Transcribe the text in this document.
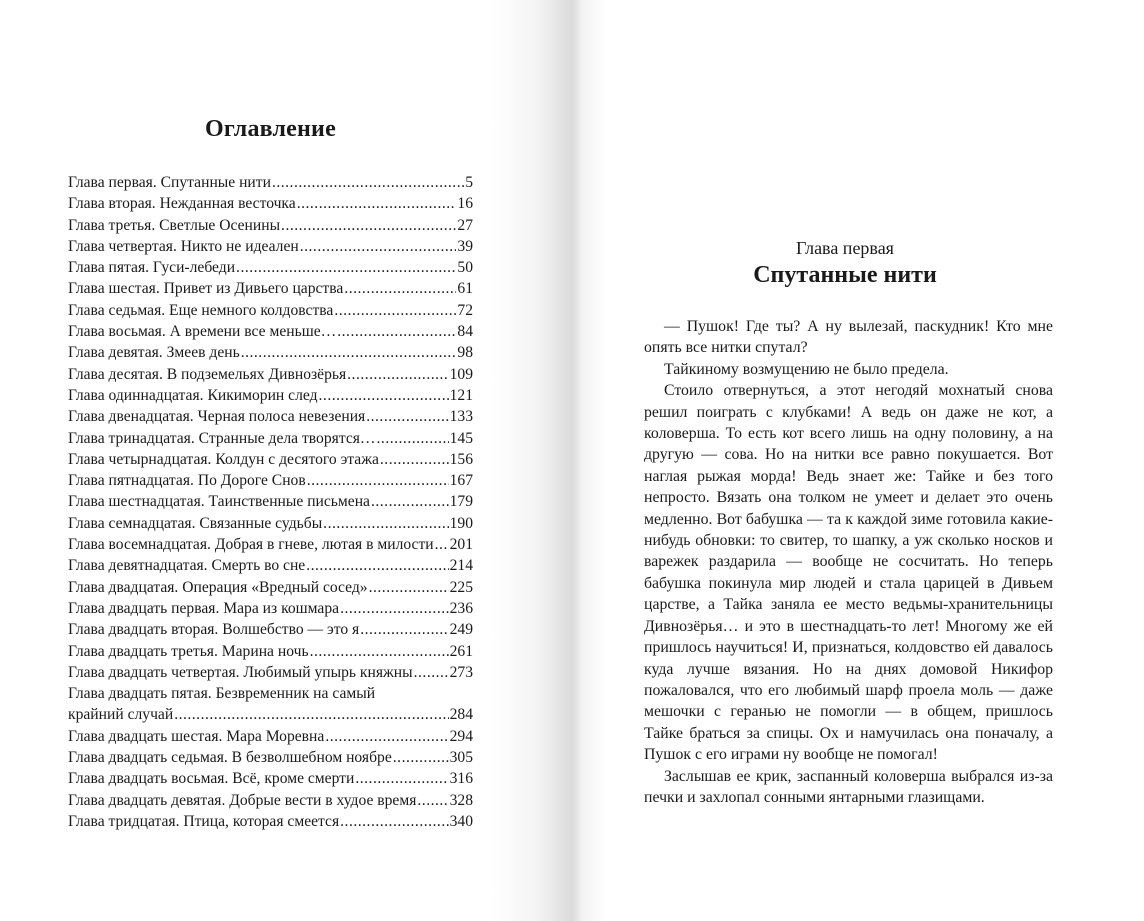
Оглавление
Глава первая. Спутанные нити .....	5
Глава вторая. Нежданная весточка .....	16
Глава третья. Светлые Осенины .....	27
Глава четвертая. Никто не идеален .....	39
Глава пятая. Гуси-лебеди .....	50
Глава шестая. Привет из Дивьего царства .....	61
Глава седьмая. Еще немного колдовства .....	72
Глава восьмая. А времени все меньше… .....	84
Глава девятая. Змеев день .....	98
Глава десятая. В подземельях Дивнозёрья .....	109
Глава одиннадцатая. Кикиморин след .....	121
Глава двенадцатая. Черная полоса невезения .....	133
Глава тринадцатая. Странные дела творятся… .....	145
Глава четырнадцатая. Колдун с десятого этажа .....	156
Глава пятнадцатая. По Дороге Снов .....	167
Глава шестнадцатая. Таинственные письмена .....	179
Глава семнадцатая. Связанные судьбы .....	190
Глава восемнадцатая. Добрая в гневе, лютая в милости ..... 201
Глава девятнадцатая. Смерть во сне .....	214
Глава двадцатая. Операция «Вредный сосед» .....	225
Глава двадцать первая. Мара из кошмара .....	236
Глава двадцать вторая. Волшебство — это я .....	249
Глава двадцать третья. Марина ночь .....	261
Глава двадцать четвертая. Любимый упырь княжны ..... 273
Глава двадцать пятая. Безвременник на самый
крайний случай .....	284
Глава двадцать шестая. Мара Моревна .....	294
Глава двадцать седьмая. В безволшебном ноябре .....	305
Глава двадцать восьмая. Всё, кроме смерти .....	316
Глава двадцать девятая. Добрые вести в худое время ..... 328
Глава тридцатая. Птица, которая смеется .....	340
Глава первая
Спутанные нити

— Пушок! Где ты? А ну вылезай, паскудник! Кто мне опять все нитки спутал?

Тайкиному возмущению не было предела.

Стоило отвернуться, а этот негодяй мохнатый снова решил поиграть с клубками! А ведь он даже не кот, а коловерша. То есть кот всего лишь на одну половину, а на другую — сова. Но на нитки все равно покушается. Вот наглая рыжая морда! Ведь знает же: Тайке и без того непросто. Вязать она толком не умеет и делает это очень медленно. Вот бабушка — та к каждой зиме готовила какие-нибудь обновки: то свитер, то шапку, а уж сколько носков и варежек раздарила — вообще не сосчитать. Но теперь бабушка покинула мир людей и стала царицей в Дивьем царстве, а Тайка заняла ее место ведьмы-хранительницы Дивнозёрья… и это в шестнадцать-то лет! Многому же ей пришлось научиться! И, признаться, колдовство ей давалось куда лучше вязания. Но на днях домовой Никифор пожаловался, что его любимый шарф проела моль — даже мешочки с геранью не помогли — в общем, пришлось Тайке браться за спицы. Ох и намучилась она поначалу, а Пушок с его играми ну вообще не помогал!

Заслышав ее крик, заспанный коловерша выбрался из-за печки и захлопал сонными янтарными глазищами.
